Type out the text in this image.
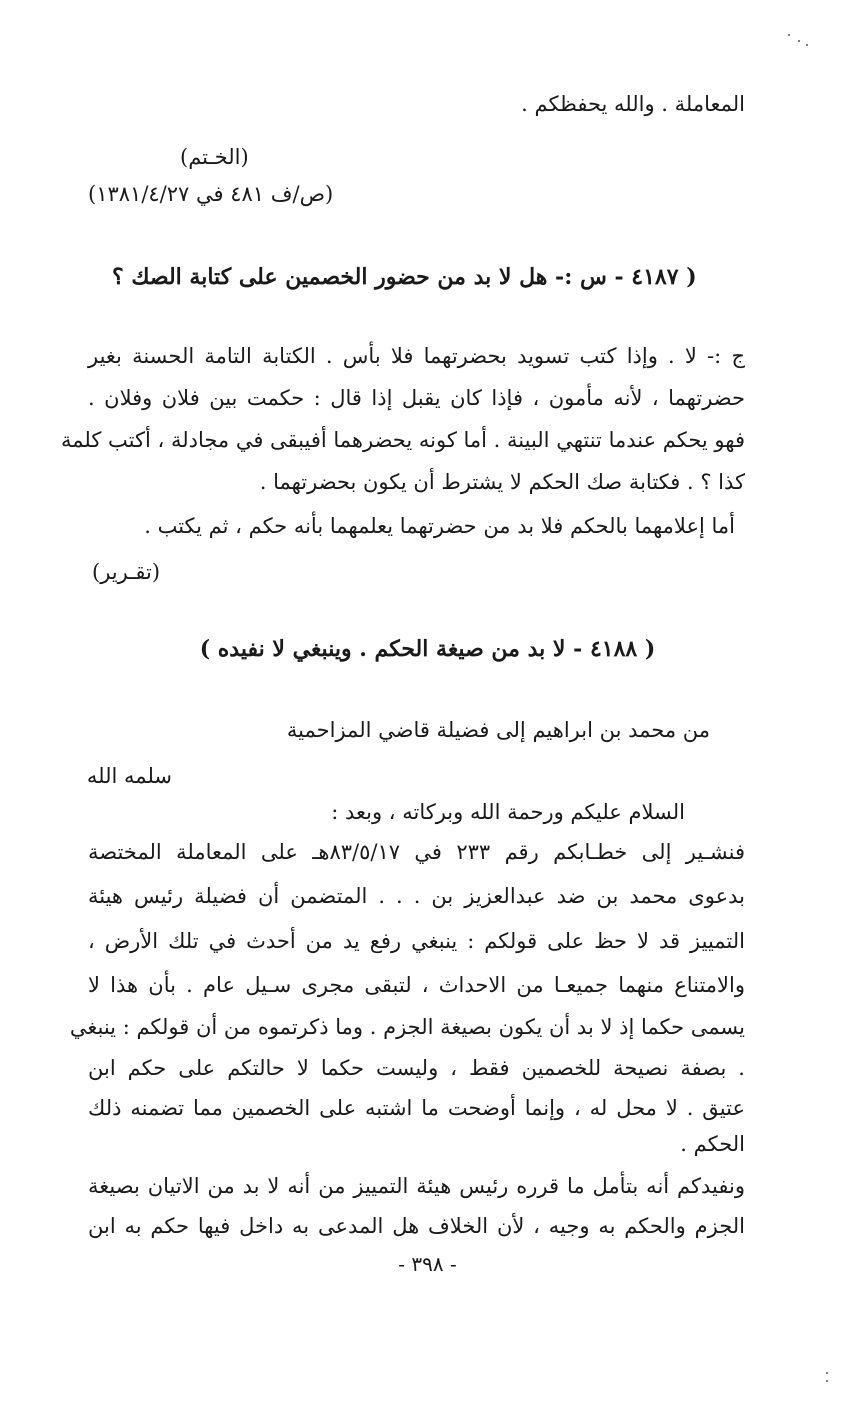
المعاملة . والله يحفظكم .
(الخـتم)
(ص/ف ٤٨١ في ١٣٨١/٤/٢٧)
( ٤١٨٧ - س :- هل لا بد من حضور الخصمين على كتابة الصك ؟
ج :- لا . وإذا كتب تسويد بحضرتهما فلا بأس . الكتابة التامة الحسنة بغير
حضرتهما ، لأنه مأمون ، فإذا كان يقبل إذا قال : حكمت بين فلان وفلان .
فهو يحكم عندما تنتهي البينة . أما كونه يحضرهما أفيبقى في مجادلة ، أكتب كلمة
كذا ؟ . فكتابة صك الحكم لا يشترط أن يكون بحضرتهما .
أما إعلامهما بالحكم فلا بد من حضرتهما يعلمهما بأنه حكم ، ثم يكتب .
(تقـرير)
( ٤١٨٨ - لا بد من صيغة الحكم . وينبغي لا نفيده )
من محمد بن ابراهيم إلى فضيلة قاضي المزاحمية
سلمه الله
السلام عليكم ورحمة الله وبركاته ، وبعد :
فنشـير إلى خطـابكم رقم ٢٣٣ في ٨٣/٥/١٧هـ على المعاملة المختصة
بدعوى محمد بن ضد عبدالعزيز بن . . . المتضمن أن فضيلة رئيس هيئة
التمييز قد لا حظ على قولكم : ينبغي رفع يد من أحدث في تلك الأرض ،
والامتناع منهما جميعـا من الاحداث ، لتبقى مجرى سـيل عام . بأن هذا لا
يسمى حكما إذ لا بد أن يكون بصيغة الجزم . وما ذكرتموه من أن قولكم : ينبغي
. بصفة نصيحة للخصمين فقط ، وليست حكما لا حالتكم على حكم ابن
عتيق . لا محل له ، وإنما أوضحت ما اشتبه على الخصمين مما تضمنه ذلك
الحكم .
ونفيدكم أنه بتأمل ما قرره رئيس هيئة التمييز من أنه لا بد من الاتيان بصيغة
الجزم والحكم به وجيه ، لأن الخلاف هل المدعى به داخل فيها حكم به ابن
- ٣٩٨ -
